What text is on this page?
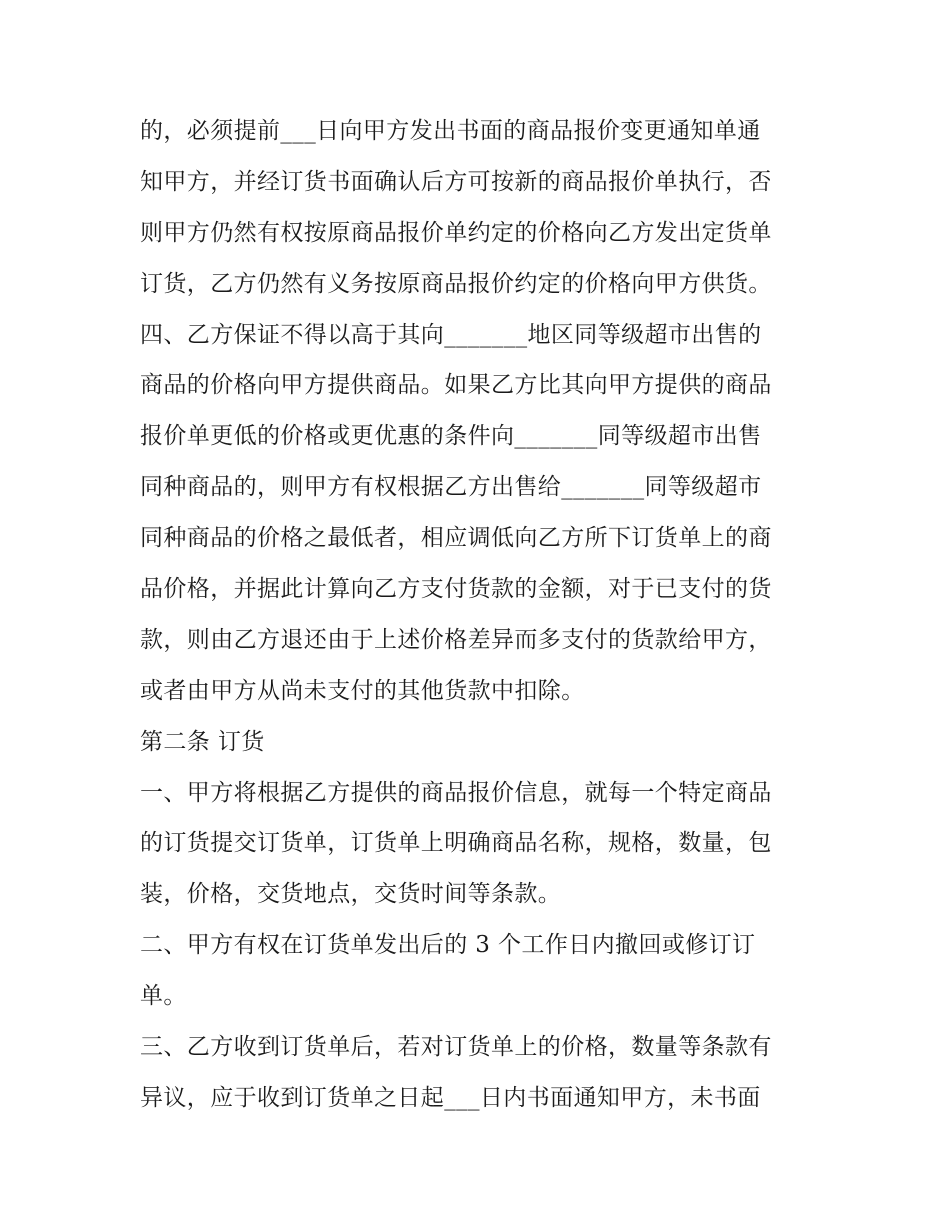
的，必须提前___日向甲方发出书面的商品报价变更通知单通
知甲方，并经订货书面确认后方可按新的商品报价单执行，否
则甲方仍然有权按原商品报价单约定的价格向乙方发出定货单
订货，乙方仍然有义务按原商品报价约定的价格向甲方供货。
四、乙方保证不得以高于其向_______地区同等级超市出售的
商品的价格向甲方提供商品。如果乙方比其向甲方提供的商品
报价单更低的价格或更优惠的条件向_______同等级超市出售
同种商品的，则甲方有权根据乙方出售给_______同等级超市
同种商品的价格之最低者，相应调低向乙方所下订货单上的商
品价格，并据此计算向乙方支付货款的金额，对于已支付的货
款，则由乙方退还由于上述价格差异而多支付的货款给甲方，
或者由甲方从尚未支付的其他货款中扣除。
第二条 订货
一、甲方将根据乙方提供的商品报价信息，就每一个特定商品
的订货提交订货单，订货单上明确商品名称，规格，数量，包
装，价格，交货地点，交货时间等条款。
二、甲方有权在订货单发出后的 3 个工作日内撤回或修订订
单。
三、乙方收到订货单后，若对订货单上的价格，数量等条款有
异议，应于收到订货单之日起___日内书面通知甲方，未书面
